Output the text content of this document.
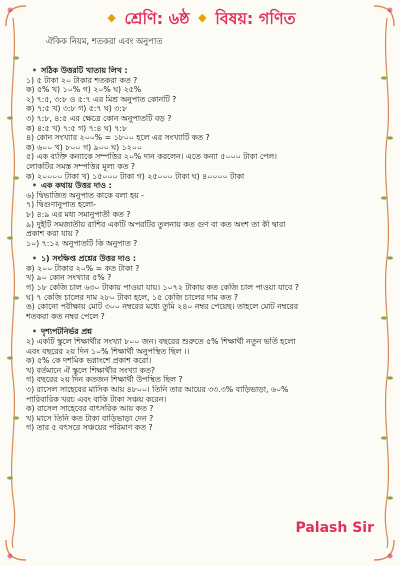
◆ শ্রেণি: ৬ষ্ঠ ◆ বিষয়: গণিত
ঐকিক নিয়ম, শতকরা এবং অনুপাত
• সঠিক উত্তরটি খাতায় লিখ :
১) ৫ টাকা ২০ টাকার শতকরা কত ?
ক) ৫% খ) ১০% গ) ২০% ঘ) ২৫%
২) ৭:৫, ৩:৮ ও ৫:৭ এর মিশ্র অনুপাত কোনটি ?
ক) ৭:৫ খ) ৩:৮ গ) ৫:৭ ঘ) ৩:৮
৩) ৭:৮, ৪:৫ এর ক্ষেত্রে কোন অনুপাতটি বড় ?
ক) ৪:৫ খ) ৭:৫ গ) ৭:৪ ঘ) ৭:৮
৪) কোন সংখ্যার ২০০% = ১৮০০ হলে এর সংখ্যাটি কত ?
ক) ৬০০ খ) ৮০০ গ) ৯০০ ঘ) ১২০০
৫) এক ব্যক্তি কন্যাকে সম্পত্তির ২০% দান করলেন। এতে কন্যা ৫০০০ টাকা পেল।
লোকটির সমস্ত সম্পত্তির মূল্য কত ?
ক) ২০০০০ টাকা খ) ১৫০০০ টাকা গ) ২৫০০০ টাকা ঘ) ৪০০০০ টাকা
• এক কথায় উত্তর দাও :
৬) দ্বিভাজিত অনুপাত কাকে বলা হয় -
৭) দ্বিগুণানুপাত হলো-
৮) ৪:৯ এর মধ্য সমানুপাতী কত ?
৯) দুইটি সমজাতীয় রাশির একটি অপরটির তুলনায় কত গুণ বা কত অংশ তা কী দ্বারা
প্রকাশ করা যায় ?
১০) ৭:১২ অনুপাতটি কি অনুপাত ?
• ১) সংক্ষিপ্ত প্রশ্নের উত্তর দাও :
ক) ২০০ টাকার ২০% = কত টাকা ?
খ) ৯০ কোন সংখ্যার ৫% ?
গ) ১৮ কেজি চাল ৬৩০ টাকায় পাওয়া যায়। ১০৭২ টাকায় কত কেজি চাল পাওয়া যাবে ?
ঘ) ৭ কেজি চালের দাম ২৮০ টাকা হলে, ১৫ কেজি চালের দাম কত ?
ঙ) কোনো পরীক্ষায় মোট ৩০০ নম্বরের মধ্যে তুমি ২৪০ নম্বর পেয়েছ। তাহলে মোট নম্বরের
শতকরা কত নম্বর পেলে ?
• দৃশ্যপটনির্ভর প্রশ্ন
২) একটি স্কুলে শিক্ষার্থীর সংখ্যা ৮০০ জন। বছরের শুরুতে ৫% শিক্ষার্থী নতুন ভর্তি হলো
এবং বছরের ২য় দিন ১০% শিক্ষার্থী অনুপস্থিত ছিল ।।
ক) ৫% কে দশমিক ভগ্নাংশে প্রকাশ করো।
খ) বর্তমানে ঐ স্কুলে শিক্ষার্থীর সংখ্যা কত?
গ) বছরের ২য় দিন কতজন শিক্ষার্থী উপস্থিত ছিল ?
৩) রাসেল সাহেবের মাসিক আয় ৪৮০০। তিনি তার আয়ের ৩৩.৩% বাড়িভাড়া, ৬০%
পারিবারিক খরচ এবং বাকি টাকা সঞ্চয় করেন।
ক) রাসেল সাহেবের বাৎসরিক আয় কত ?
খ) মাসে তিনি কত টাকা বাড়িভাড়া দেন ?
গ) তার ৫ বৎসরে সঞ্চয়ের পরিমাণ কত ?
Palash Sir
